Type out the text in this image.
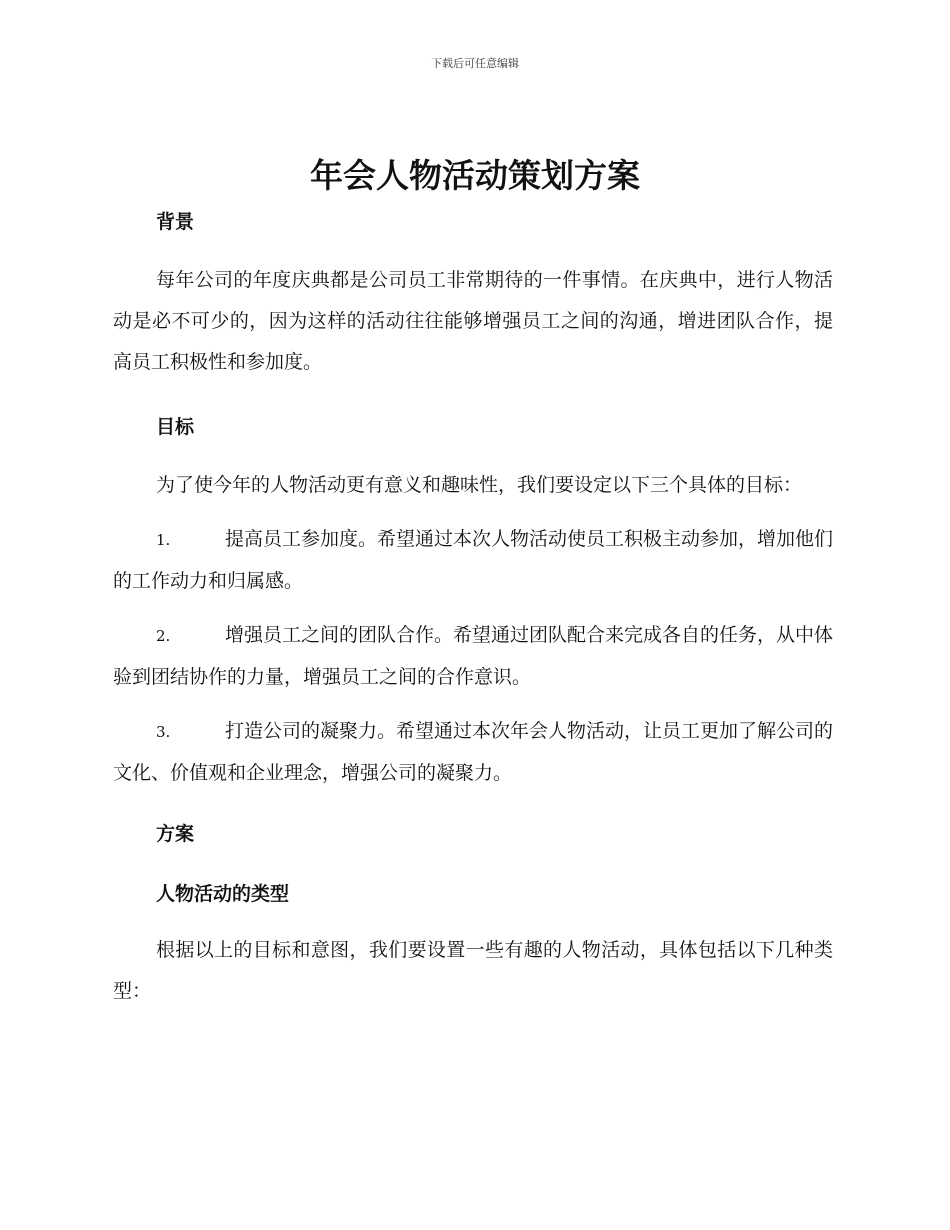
下载后可任意编辑
年会人物活动策划方案

背景

每年公司的年度庆典都是公司员工非常期待的一件事情。在庆典中，进行人物活动是必不可少的，因为这样的活动往往能够增强员工之间的沟通，增进团队合作，提高员工积极性和参加度。

目标

为了使今年的人物活动更有意义和趣味性，我们要设定以下三个具体的目标：

1.	提高员工参加度。希望通过本次人物活动使员工积极主动参加，增加他们的工作动力和归属感。

2.	增强员工之间的团队合作。希望通过团队配合来完成各自的任务，从中体验到团结协作的力量，增强员工之间的合作意识。

3.	打造公司的凝聚力。希望通过本次年会人物活动，让员工更加了解公司的文化、价值观和企业理念，增强公司的凝聚力。

方案

人物活动的类型

根据以上的目标和意图，我们要设置一些有趣的人物活动，具体包括以下几种类型：
